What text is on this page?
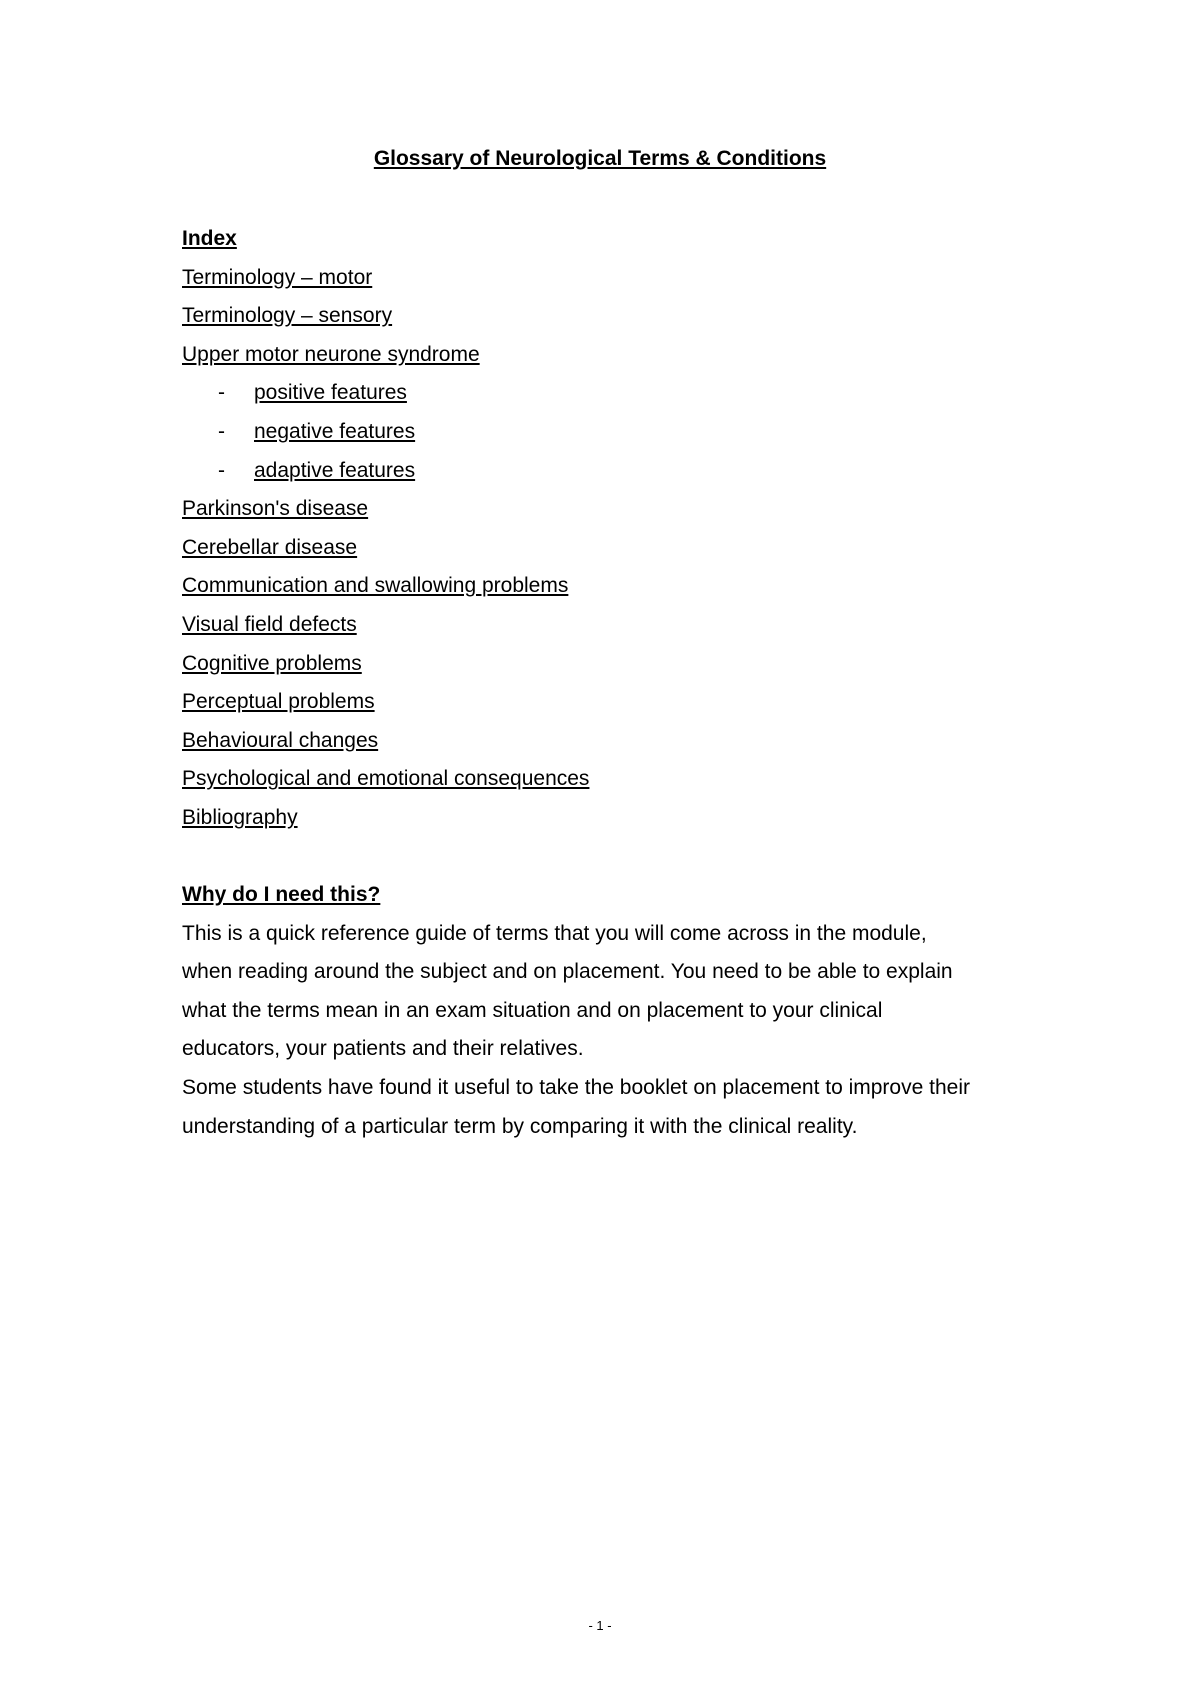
Glossary of Neurological Terms & Conditions
Index
Terminology – motor
Terminology – sensory
Upper motor neurone syndrome
- positive features
- negative features
- adaptive features
Parkinson's disease
Cerebellar disease
Communication and swallowing problems
Visual field defects
Cognitive problems
Perceptual problems
Behavioural changes
Psychological and emotional consequences
Bibliography
Why do I need this?
This is a quick reference guide of terms that you will come across in the module,
when reading around the subject and on placement. You need to be able to explain
what the terms mean in an exam situation and on placement to your clinical
educators, your patients and their relatives.
Some students have found it useful to take the booklet on placement to improve their
understanding of a particular term by comparing it with the clinical reality.
- 1 -
